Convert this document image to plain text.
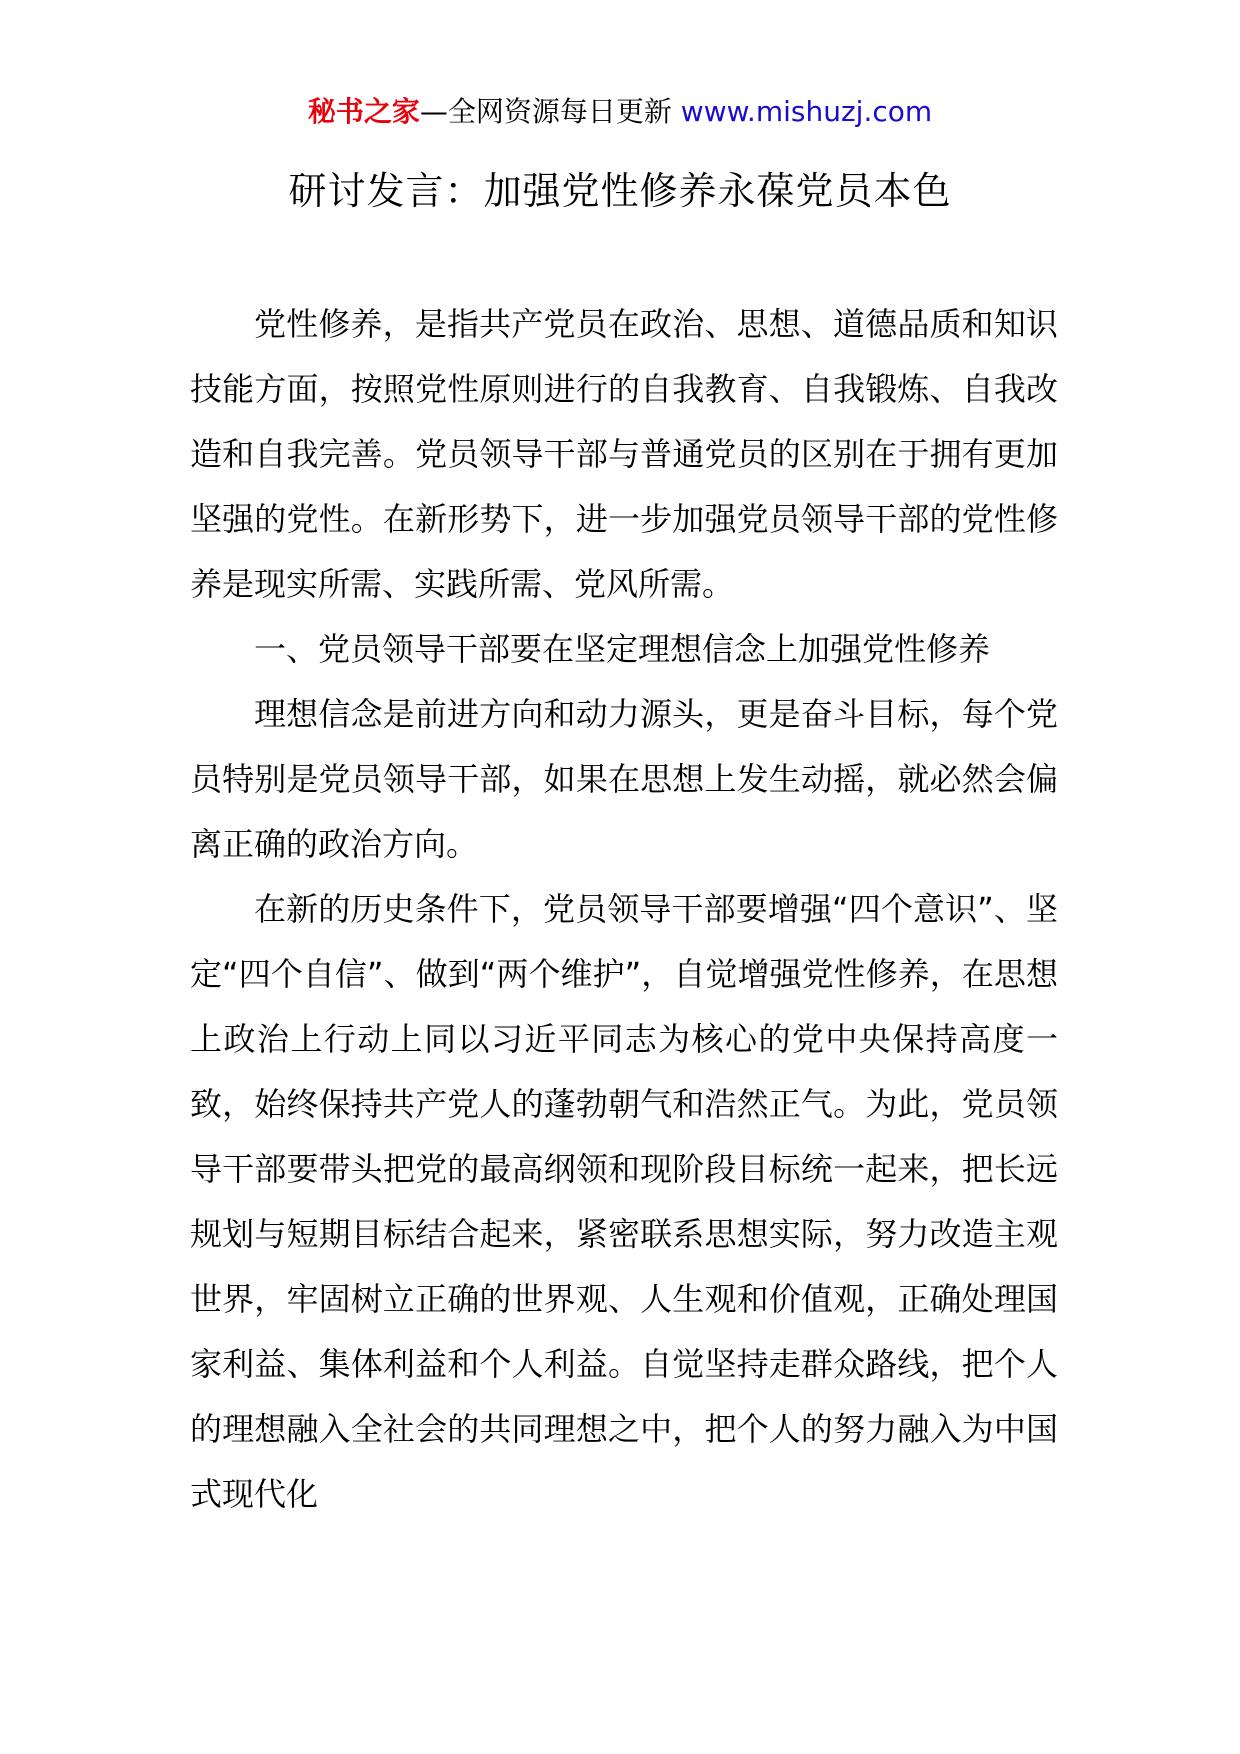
秘书之家—全网资源每日更新 www.mishuzj.com
研讨发言：加强党性修养永葆党员本色

党性修养，是指共产党员在政治、思想、道德品质和知识技能方面，按照党性原则进行的自我教育、自我锻炼、自我改造和自我完善。党员领导干部与普通党员的区别在于拥有更加坚强的党性。在新形势下，进一步加强党员领导干部的党性修养是现实所需、实践所需、党风所需。

一、党员领导干部要在坚定理想信念上加强党性修养

理想信念是前进方向和动力源头，更是奋斗目标，每个党员特别是党员领导干部，如果在思想上发生动摇，就必然会偏离正确的政治方向。

在新的历史条件下，党员领导干部要增强“四个意识”、坚定“四个自信”、做到“两个维护”，自觉增强党性修养，在思想上政治上行动上同以习近平同志为核心的党中央保持高度一致，始终保持共产党人的蓬勃朝气和浩然正气。为此，党员领导干部要带头把党的最高纲领和现阶段目标统一起来，把长远规划与短期目标结合起来，紧密联系思想实际，努力改造主观世界，牢固树立正确的世界观、人生观和价值观，正确处理国家利益、集体利益和个人利益。自觉坚持走群众路线，把个人的理想融入全社会的共同理想之中，把个人的努力融入为中国式现代化
